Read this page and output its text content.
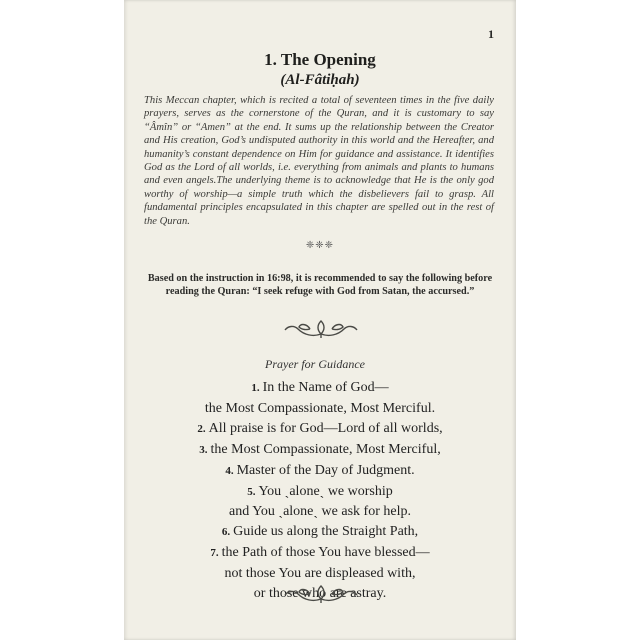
1
1. The Opening
(Al-Fâtiḥah)
This Meccan chapter, which is recited a total of seventeen times in the five daily prayers, serves as the cornerstone of the Quran, and it is customary to say “Âmîn” or “Amen” at the end. It sums up the relationship between the Creator and His creation, God’s undisputed authority in this world and the Hereafter, and humanity’s constant dependence on Him for guidance and assistance. It identifies God as the Lord of all worlds, i.e. everything from animals and plants to humans and even angels.The underlying theme is to acknowledge that He is the only god worthy of worship—a simple truth which the disbelievers fail to grasp. All fundamental principles encapsulated in this chapter are spelled out in the rest of the Quran.
❈❈❈
Based on the instruction in 16:98, it is recommended to say the following before reading the Quran: “I seek refuge with God from Satan, the accursed.”
Prayer for Guidance
1. In the Name of God—
the Most Compassionate, Most Merciful.
2. All praise is for God—Lord of all worlds,
3. the Most Compassionate, Most Merciful,
4. Master of the Day of Judgment.
5. You ˎaloneˎ we worship
and You ˎaloneˎ we ask for help.
6. Guide us along the Straight Path,
7. the Path of those You have blessed—
not those You are displeased with,
or those who are astray.
